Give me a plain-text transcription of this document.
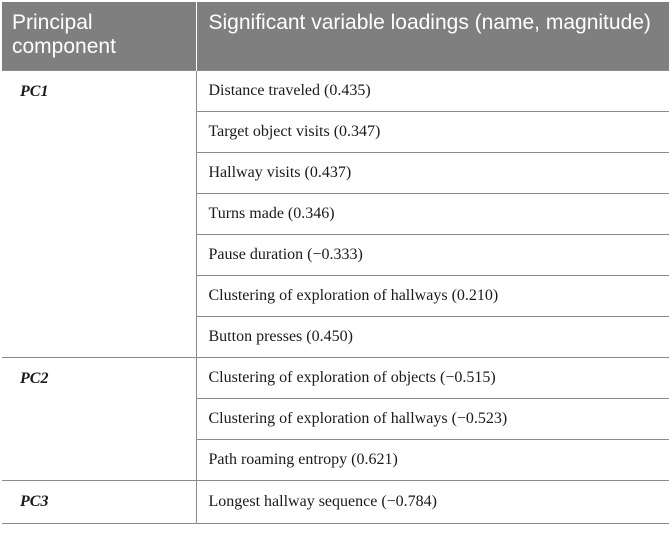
Principal component	Significant variable loadings (name, magnitude)
PC1	Distance traveled (0.435)
	Target object visits (0.347)
	Hallway visits (0.437)
	Turns made (0.346)
	Pause duration (−0.333)
	Clustering of exploration of hallways (0.210)
	Button presses (0.450)
PC2	Clustering of exploration of objects (−0.515)
	Clustering of exploration of hallways (−0.523)
	Path roaming entropy (0.621)
PC3	Longest hallway sequence (−0.784)
